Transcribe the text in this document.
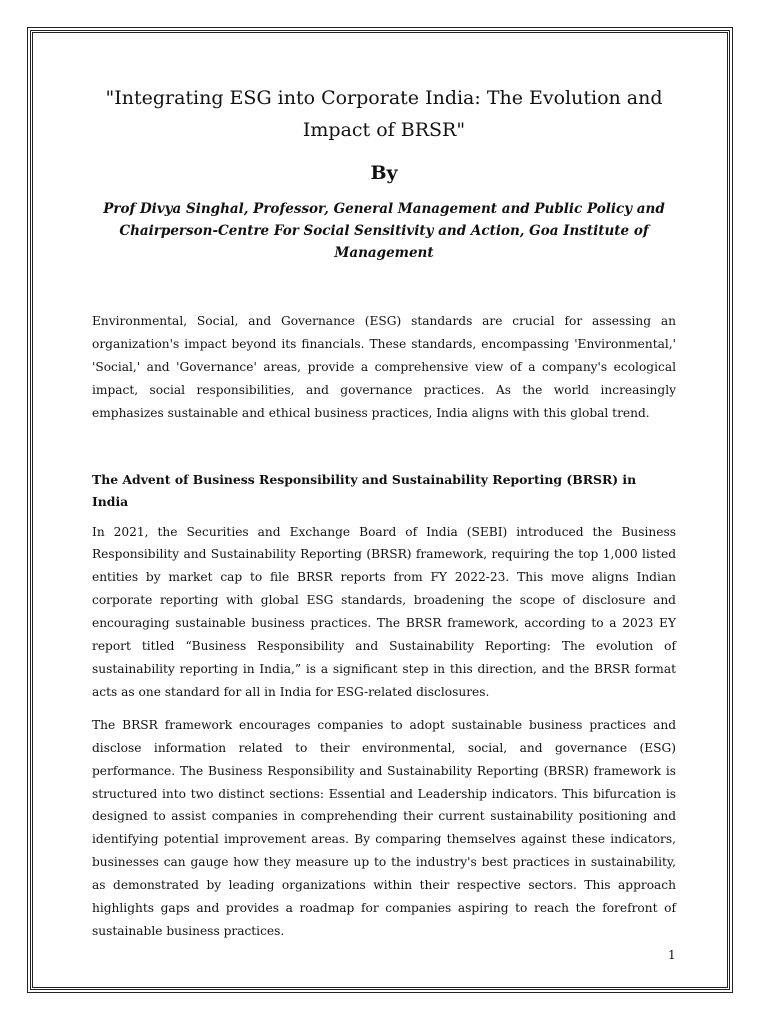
"Integrating ESG into Corporate India: The Evolution and Impact of BRSR"
By
Prof Divya Singhal, Professor, General Management and Public Policy and Chairperson-Centre For Social Sensitivity and Action, Goa Institute of Management

Environmental, Social, and Governance (ESG) standards are crucial for assessing an organization's impact beyond its financials. These standards, encompassing 'Environmental,' 'Social,' and 'Governance' areas, provide a comprehensive view of a company's ecological impact, social responsibilities, and governance practices. As the world increasingly emphasizes sustainable and ethical business practices, India aligns with this global trend.

The Advent of Business Responsibility and Sustainability Reporting (BRSR) in India

In 2021, the Securities and Exchange Board of India (SEBI) introduced the Business Responsibility and Sustainability Reporting (BRSR) framework, requiring the top 1,000 listed entities by market cap to file BRSR reports from FY 2022-23. This move aligns Indian corporate reporting with global ESG standards, broadening the scope of disclosure and encouraging sustainable business practices. The BRSR framework, according to a 2023 EY report titled “Business Responsibility and Sustainability Reporting: The evolution of sustainability reporting in India,” is a significant step in this direction, and the BRSR format acts as one standard for all in India for ESG-related disclosures.

The BRSR framework encourages companies to adopt sustainable business practices and disclose information related to their environmental, social, and governance (ESG) performance. The Business Responsibility and Sustainability Reporting (BRSR) framework is structured into two distinct sections: Essential and Leadership indicators. This bifurcation is designed to assist companies in comprehending their current sustainability positioning and identifying potential improvement areas. By comparing themselves against these indicators, businesses can gauge how they measure up to the industry's best practices in sustainability, as demonstrated by leading organizations within their respective sectors. This approach highlights gaps and provides a roadmap for companies aspiring to reach the forefront of sustainable business practices.

1
